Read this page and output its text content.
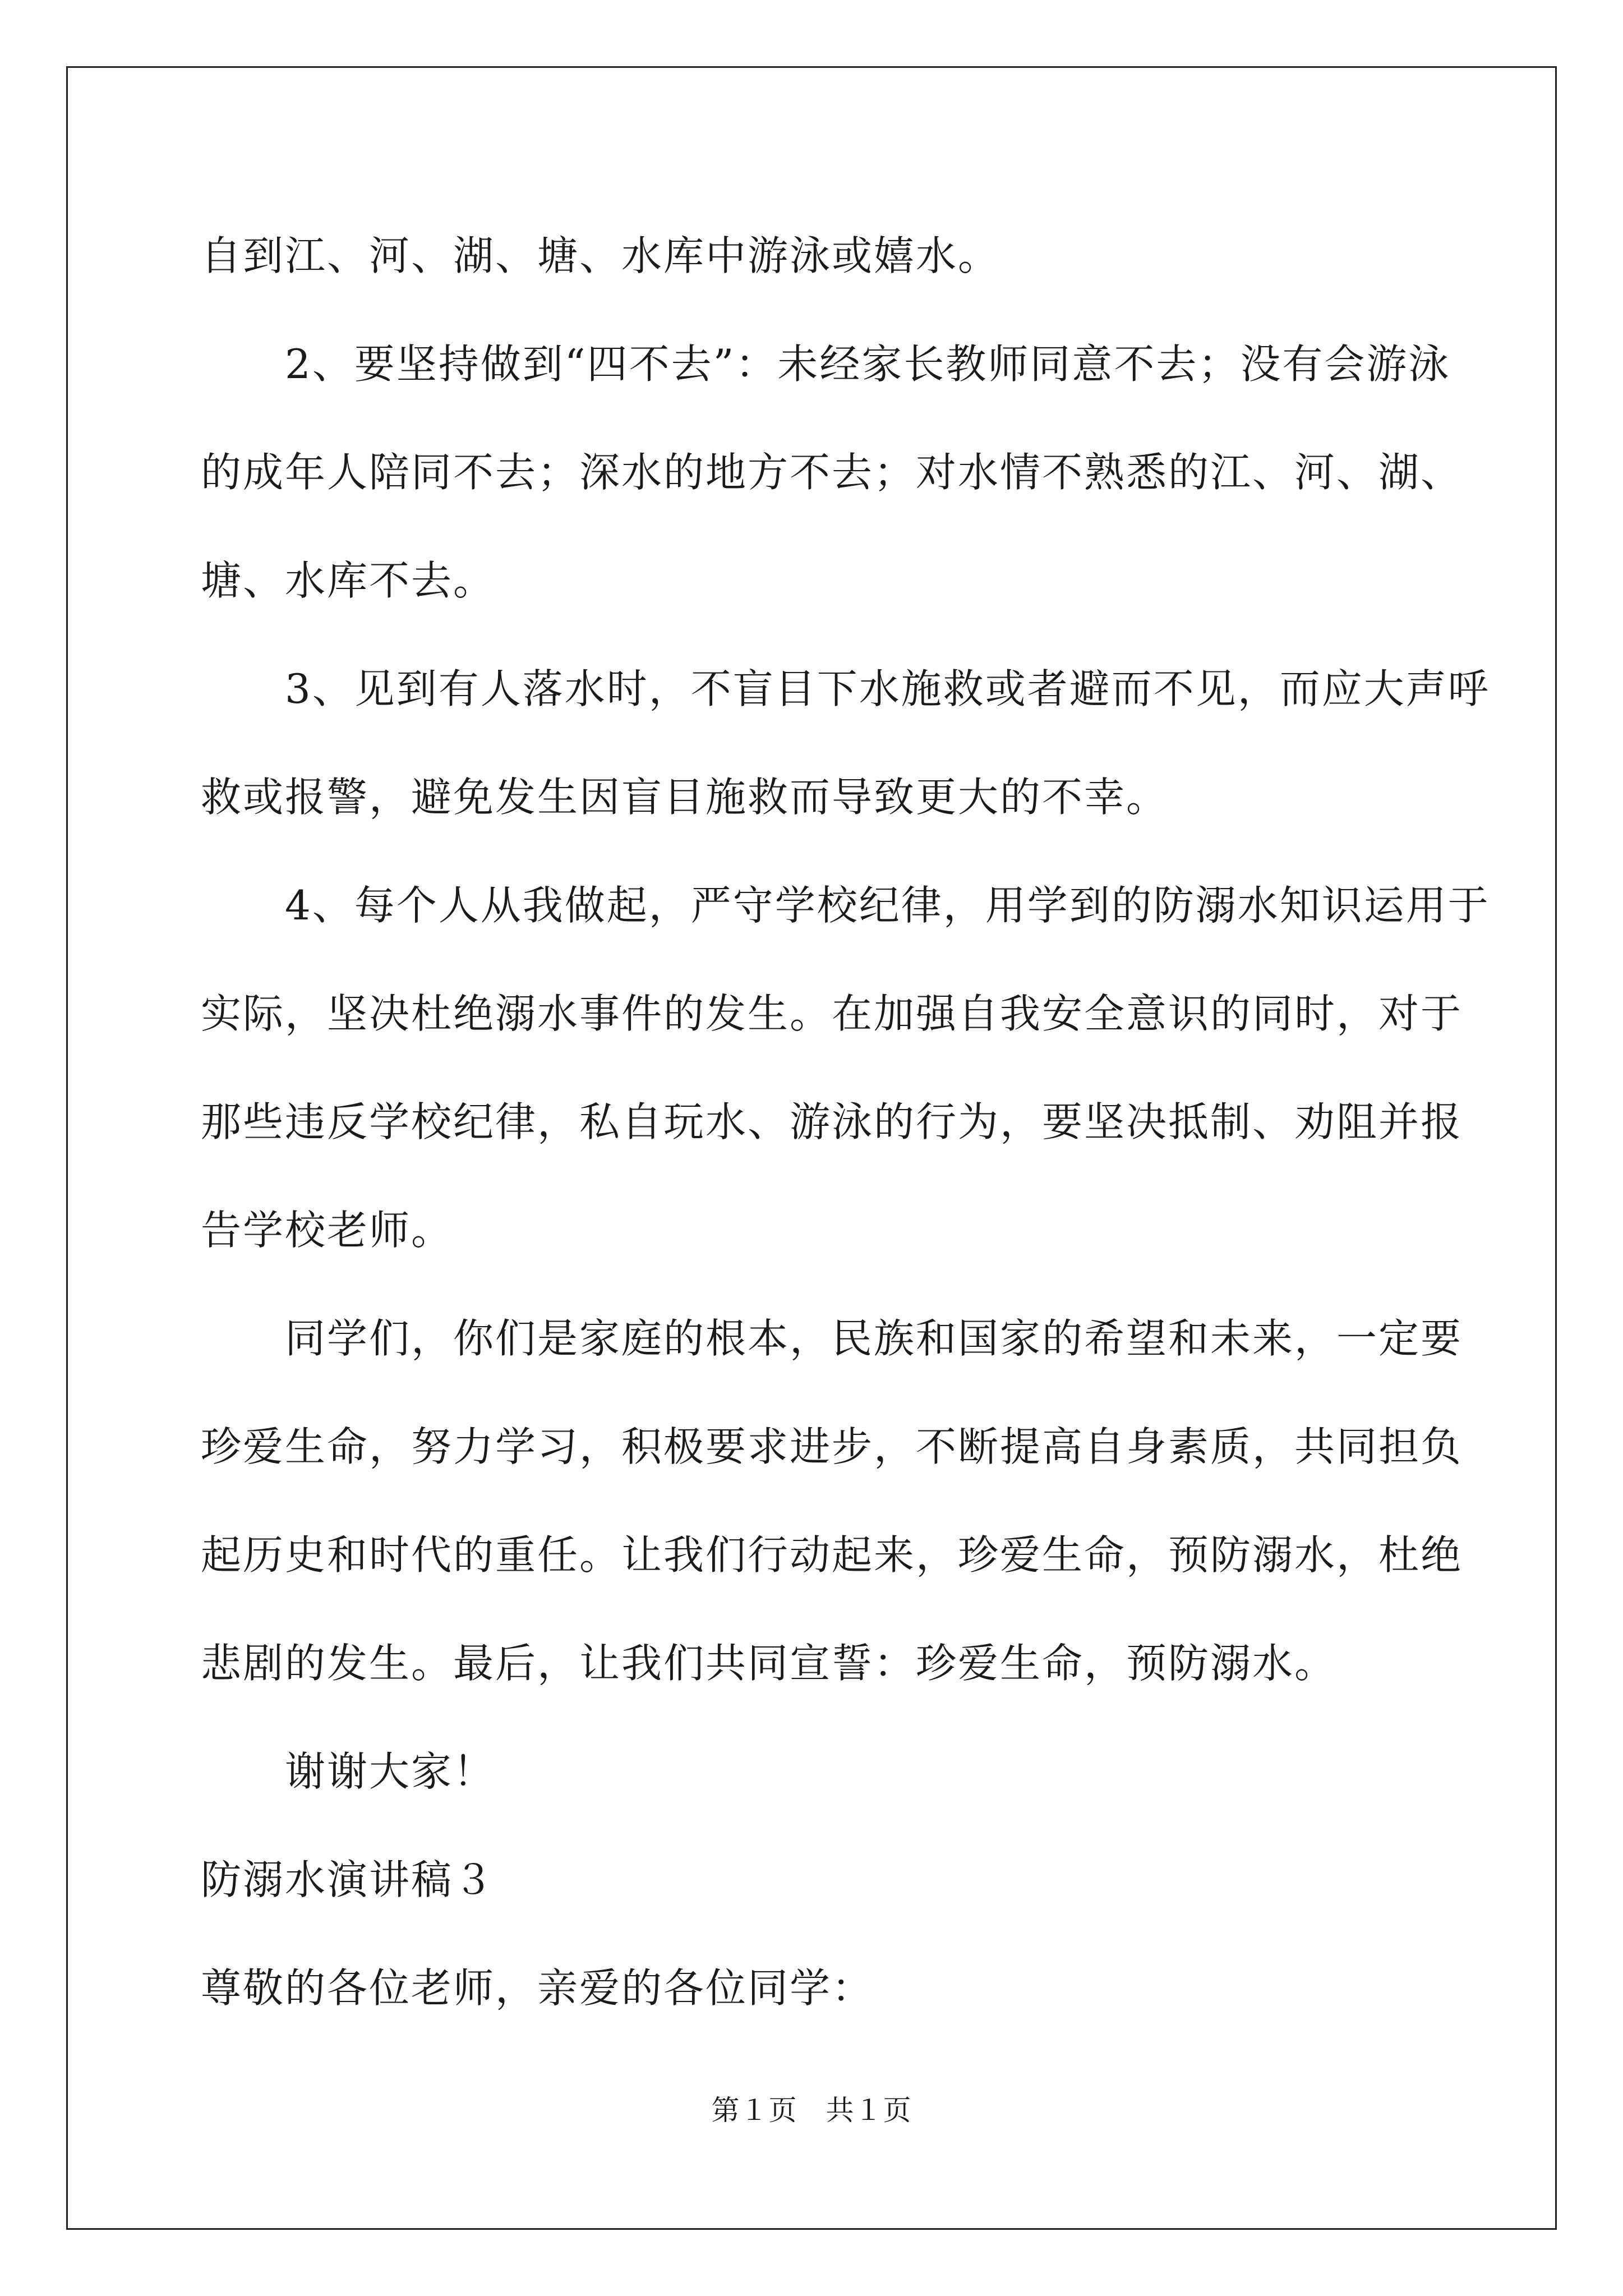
自到江、河、湖、塘、水库中游泳或嬉水。
2、要坚持做到“四不去”：未经家长教师同意不去；没有会游泳
的成年人陪同不去；深水的地方不去；对水情不熟悉的江、河、湖、
塘、水库不去。
3、见到有人落水时，不盲目下水施救或者避而不见，而应大声呼
救或报警，避免发生因盲目施救而导致更大的不幸。
4、每个人从我做起，严守学校纪律，用学到的防溺水知识运用于
实际，坚决杜绝溺水事件的发生。在加强自我安全意识的同时，对于
那些违反学校纪律，私自玩水、游泳的行为，要坚决抵制、劝阻并报
告学校老师。
同学们，你们是家庭的根本，民族和国家的希望和未来，一定要
珍爱生命，努力学习，积极要求进步，不断提高自身素质，共同担负
起历史和时代的重任。让我们行动起来，珍爱生命，预防溺水，杜绝
悲剧的发生。最后，让我们共同宣誓：珍爱生命，预防溺水。
谢谢大家！
防溺水演讲稿３
尊敬的各位老师，亲爱的各位同学：
第１页　共１页
